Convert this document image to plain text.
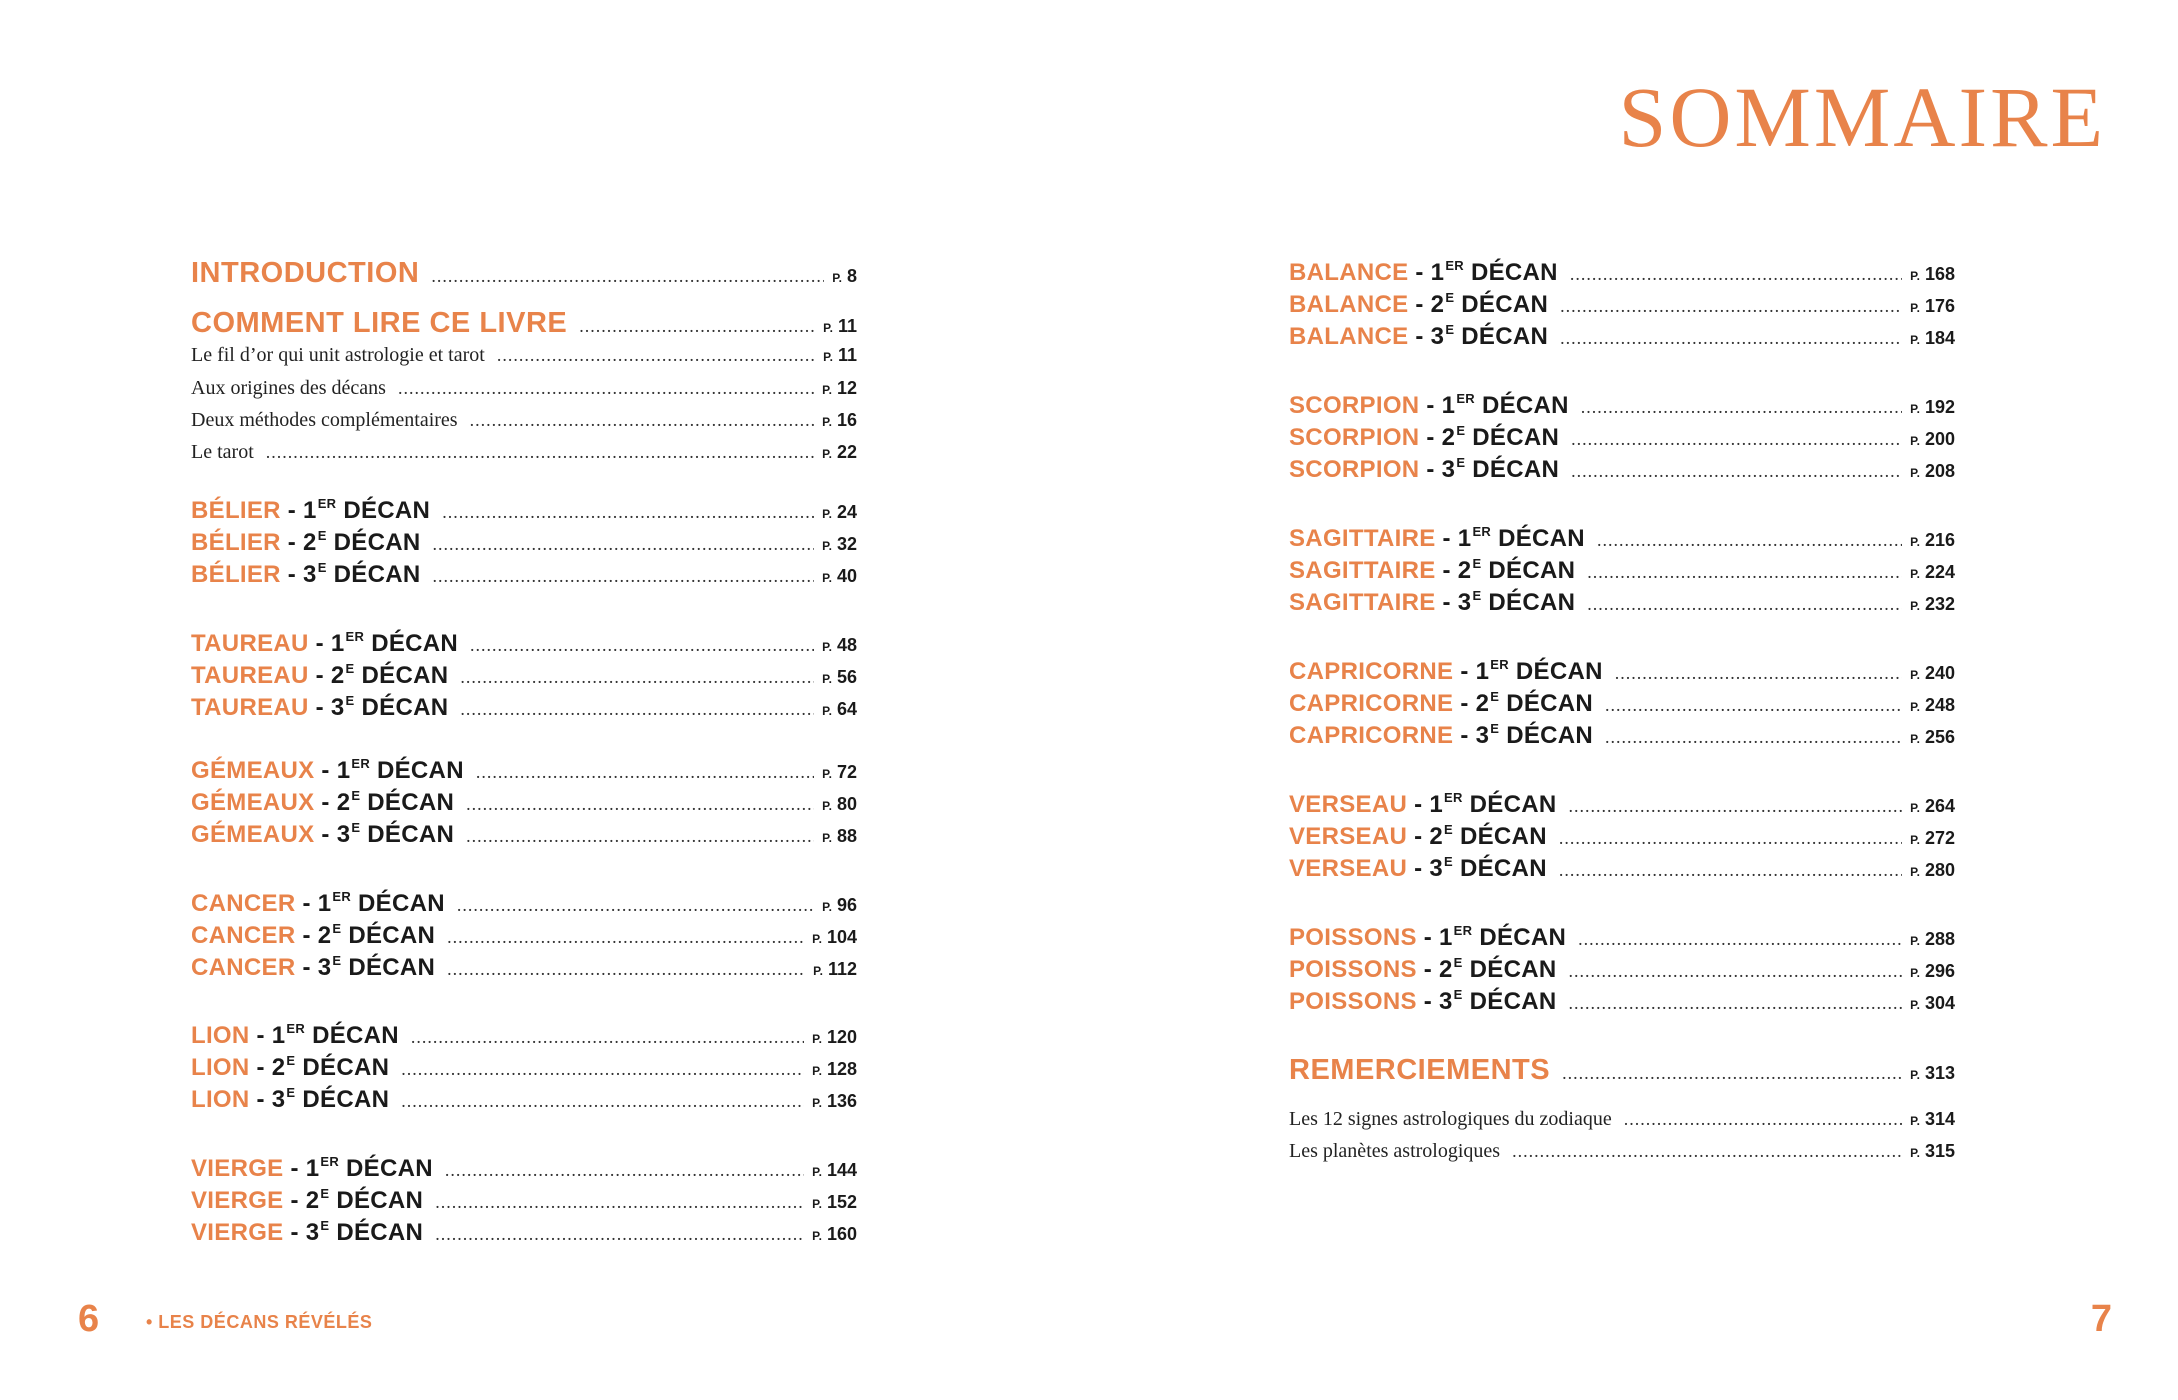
SOMMAIRE
INTRODUCTION .....	P. 8
COMMENT LIRE CE LIVRE .....	P. 11
Le fil d’or qui unit astrologie et tarot .....	P. 11
Aux origines des décans .....	P. 12
Deux méthodes complémentaires .....	P. 16
Le tarot .....	P. 22
BÉLIER - 1ER DÉCAN .....	P. 24
BÉLIER - $2^E$ DÉCAN .....	P. 32
BÉLIER - $3^E$ DÉCAN .....	P. 40
TAUREAU - 1ER DÉCAN .....	P. 48
TAUREAU - $2^E$ DÉCAN .....	P. 56
TAUREAU - $3^E$ DÉCAN .....	P. 64
GÉMEAUX - 1ER DÉCAN .....	P. 72
GÉMEAUX - $2^E$ DÉCAN .....	P. 80
GÉMEAUX - $3^E$ DÉCAN .....	P. 88
CANCER - 1ER DÉCAN .....	P. 96
CANCER - $2^E$ DÉCAN .....	P. 104
CANCER - $3^E$ DÉCAN .....	P. 112
LION - 1ER DÉCAN .....	P. 120
LION - $2^E$ DÉCAN .....	P. 128
LION - $3^E$ DÉCAN .....	P. 136
VIERGE - 1ER DÉCAN .....	P. 144
VIERGE - $2^E$ DÉCAN .....	P. 152
VIERGE - $3^E$ DÉCAN .....	P. 160
BALANCE - 1ER DÉCAN .....	P. 168
BALANCE - $2^E$ DÉCAN .....	P. 176
BALANCE - $3^E$ DÉCAN .....	P. 184
SCORPION - 1ER DÉCAN .....	P. 192
SCORPION - $2^E$ DÉCAN .....	P. 200
SCORPION - $3^E$ DÉCAN .....	P. 208
SAGITTAIRE - 1ER DÉCAN .....	P. 216
SAGITTAIRE - $2^E$ DÉCAN .....	P. 224
SAGITTAIRE - $3^E$ DÉCAN .....	P. 232
CAPRICORNE - 1ER DÉCAN .....	P. 240
CAPRICORNE - $2^E$ DÉCAN .....	P. 248
CAPRICORNE - $3^E$ DÉCAN .....	P. 256
VERSEAU - 1ER DÉCAN .....	P. 264
VERSEAU - $2^E$ DÉCAN .....	P. 272
VERSEAU - $3^E$ DÉCAN .....	P. 280
POISSONS - 1ER DÉCAN .....	P. 288
POISSONS - $2^E$ DÉCAN .....	P. 296
POISSONS - $3^E$ DÉCAN .....	P. 304
REMERCIEMENTS .....	P. 313
Les 12 signes astrologiques du zodiaque .....	P. 314
Les planètes astrologiques .....	P. 315
6	• LES DÉCANS RÉVÉLÉS	7
